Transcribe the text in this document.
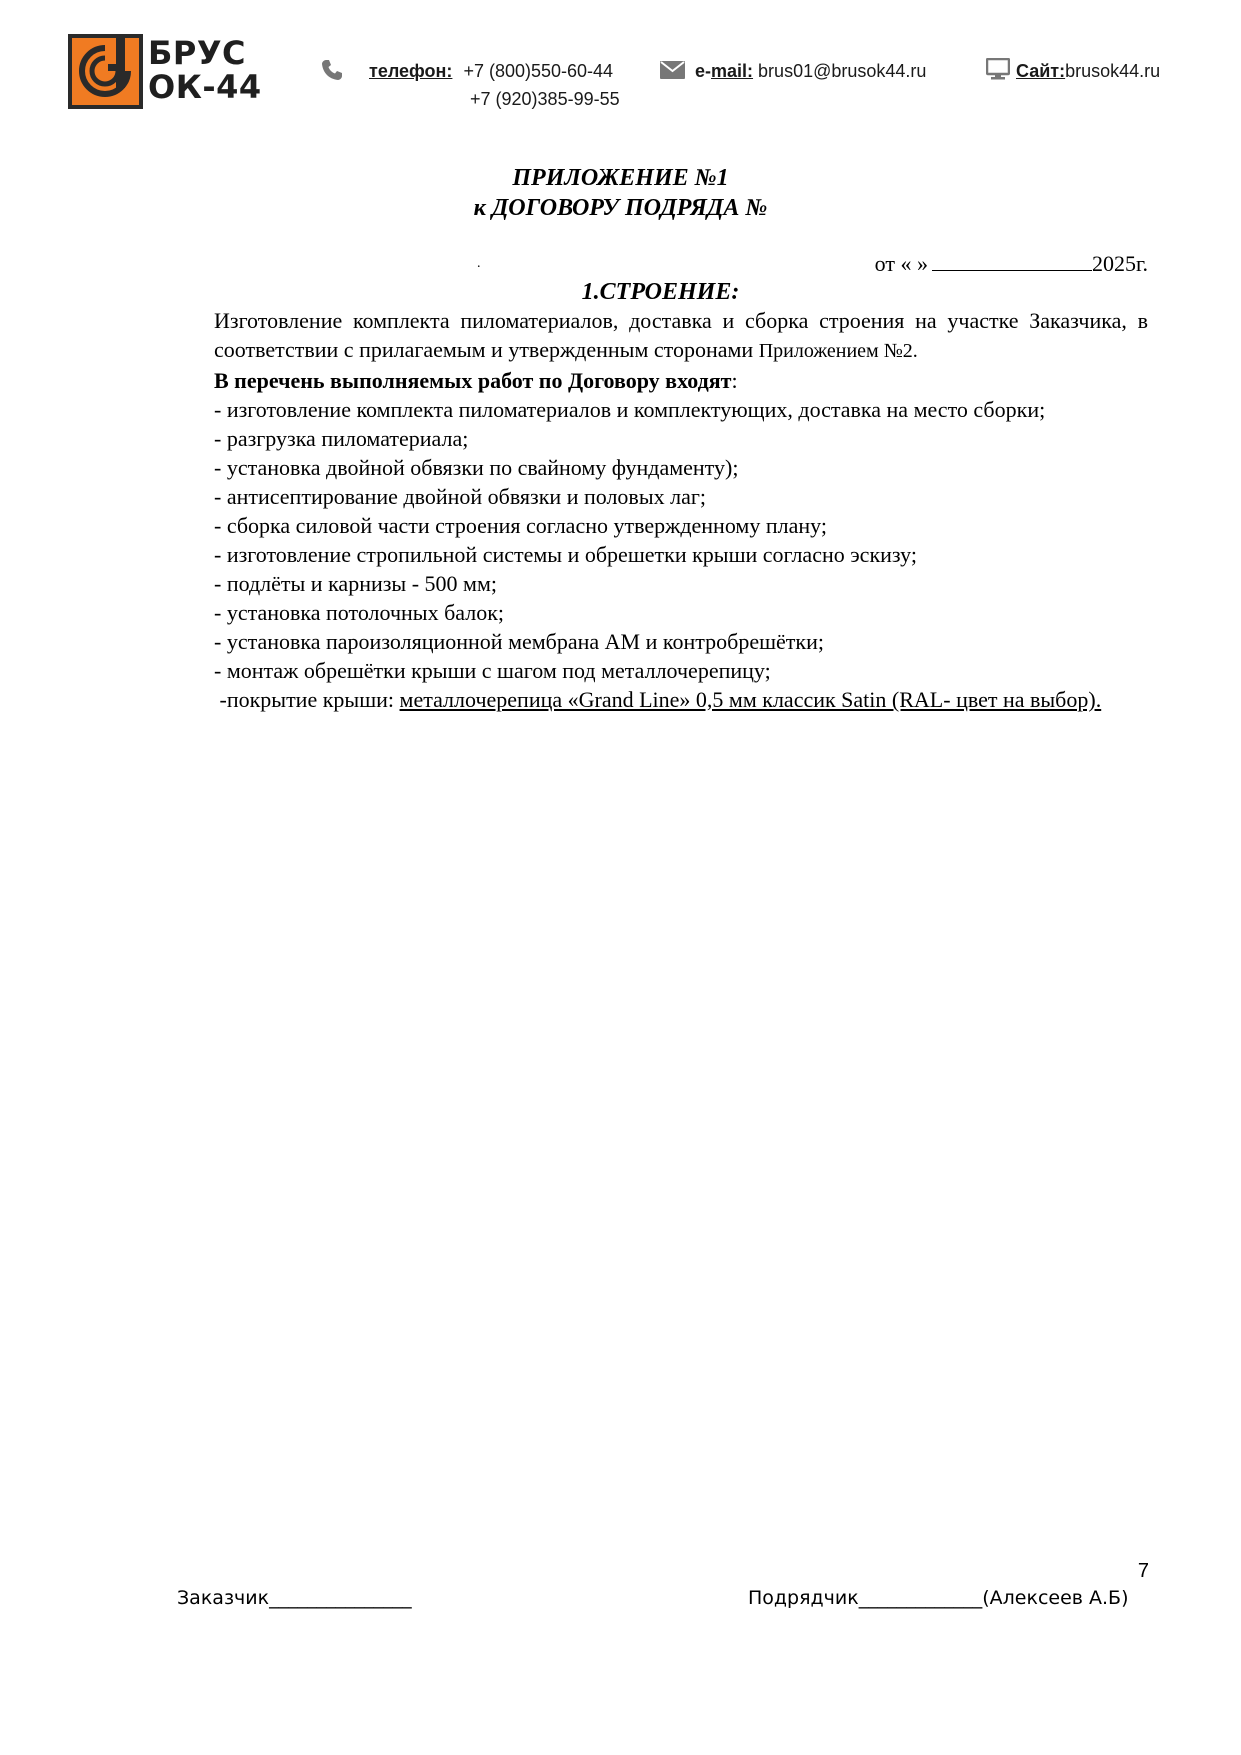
БРУС
ОК-44	телефон: +7 (800)550-60-44
+7 (920)385-99-55
e-mail: brus01@brusok44.ru	Сайт:brusok44.ru
ПРИЛОЖЕНИЕ №1
к ДОГОВОРУ ПОДРЯДА №
.	от « »	2025г.
1.СТРОЕНИЕ:

Изготовление комплекта пиломатериалов, доставка и сборка строения на участке Заказчика, в соответствии с прилагаемым и утвержденным сторонами Приложением №2.

В перечень выполняемых работ по Договору входят:

- изготовление комплекта пиломатериалов и комплектующих, доставка на место сборки;

- разгрузка пиломатериала;

- установка двойной обвязки по свайному фундаменту);

- антисептирование двойной обвязки и половых лаг;

- сборка силовой части строения согласно утвержденному плану;

- изготовление стропильной системы и обрешетки крыши согласно эскизу;

- подлёты и карнизы - 500 мм;

- установка потолочных балок;

- установка пароизоляционной мембрана АМ и контробрешётки;

- монтаж обрешётки крыши с шагом под металлочерепицу;

-покрытие крыши: металлочерепица «Grand Line» 0,5 мм классик Satin (RAL- цвет на выбор).

7
Заказчик_______________	Подрядчик_____________(Алексеев А.Б)
